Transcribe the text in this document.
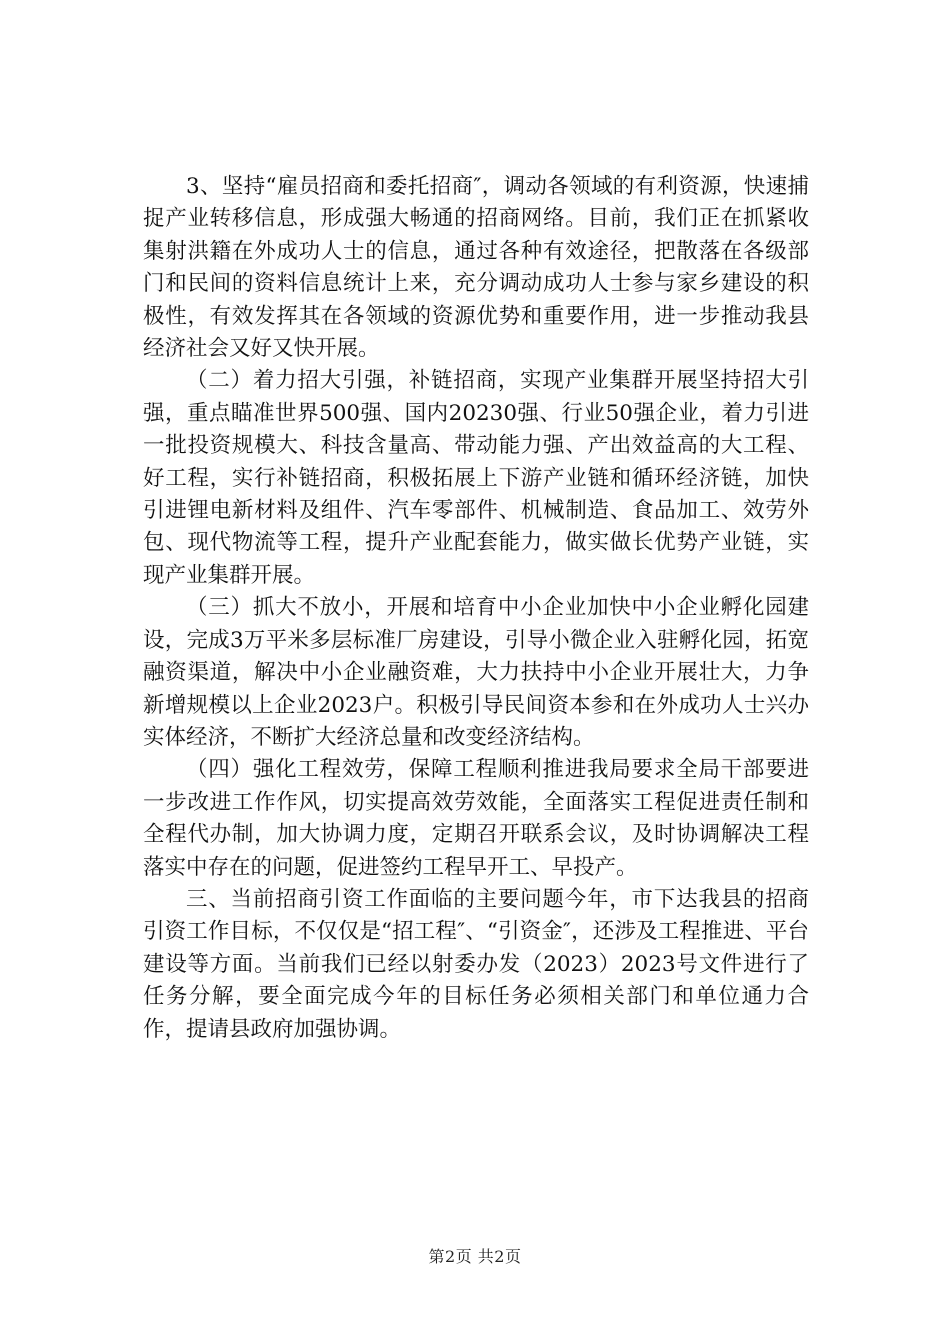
3、坚持“雇员招商和委托招商″，调动各领域的有利资源，快速捕捉产业转移信息，形成强大畅通的招商网络。目前，我们正在抓紧收集射洪籍在外成功人士的信息，通过各种有效途径，把散落在各级部门和民间的资料信息统计上来，充分调动成功人士参与家乡建设的积极性，有效发挥其在各领域的资源优势和重要作用，进一步推动我县经济社会又好又快开展。

（二）着力招大引强，补链招商，实现产业集群开展坚持招大引强，重点瞄准世界500强、国内20230强、行业50强企业，着力引进一批投资规模大、科技含量高、带动能力强、产出效益高的大工程、好工程，实行补链招商，积极拓展上下游产业链和循环经济链，加快引进锂电新材料及组件、汽车零部件、机械制造、食品加工、效劳外包、现代物流等工程，提升产业配套能力，做实做长优势产业链，实现产业集群开展。

（三）抓大不放小，开展和培育中小企业加快中小企业孵化园建设，完成3万平米多层标准厂房建设，引导小微企业入驻孵化园，拓宽融资渠道，解决中小企业融资难，大力扶持中小企业开展壮大，力争新增规模以上企业2023户。积极引导民间资本参和在外成功人士兴办实体经济，不断扩大经济总量和改变经济结构。

（四）强化工程效劳，保障工程顺利推进我局要求全局干部要进一步改进工作作风，切实提高效劳效能，全面落实工程促进责任制和全程代办制，加大协调力度，定期召开联系会议，及时协调解决工程落实中存在的问题，促进签约工程早开工、早投产。

三、当前招商引资工作面临的主要问题今年，市下达我县的招商引资工作目标，不仅仅是“招工程″、“引资金″，还涉及工程推进、平台建设等方面。当前我们已经以射委办发（2023）2023号文件进行了任务分解，要全面完成今年的目标任务必须相关部门和单位通力合作，提请县政府加强协调。

第2页 共2页
